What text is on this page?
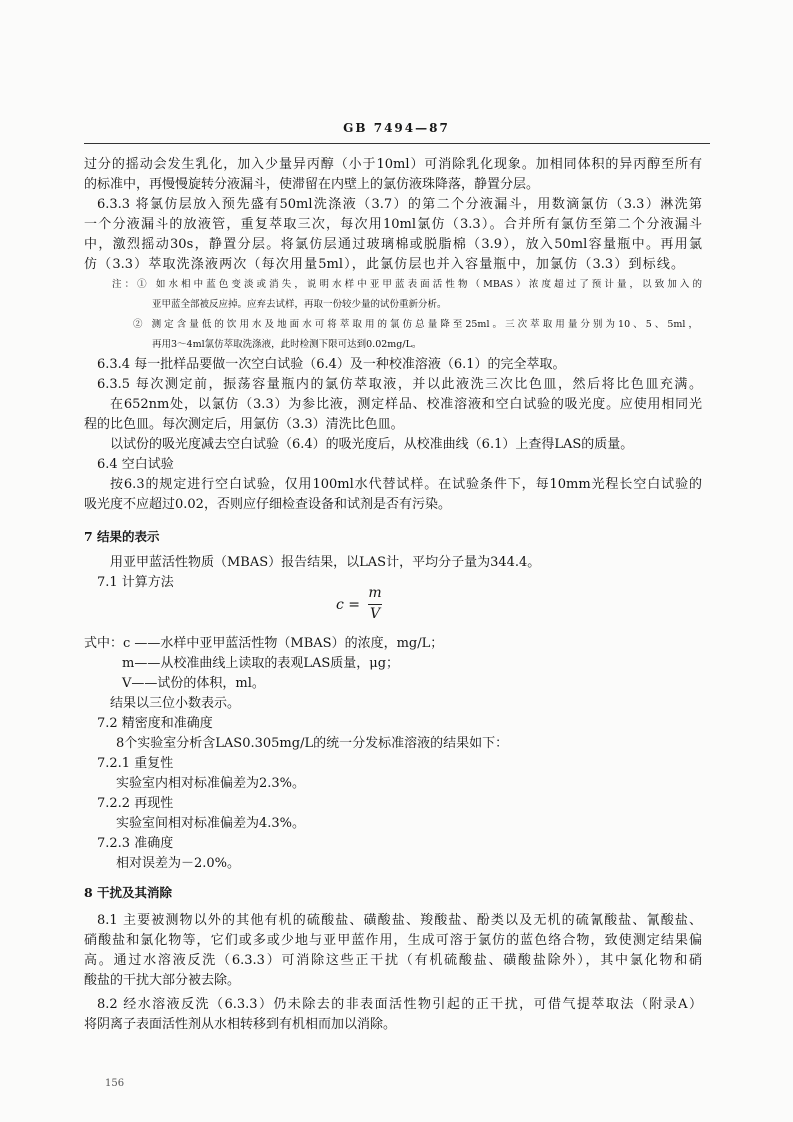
GB 7494—87
过分的摇动会发生乳化，加入少量异丙醇（小于10ml）可消除乳化现象。加相同体积的异丙醇至所有
的标准中，再慢慢旋转分液漏斗，使滞留在内壁上的氯仿液珠降落，静置分层。
6.3.3 将氯仿层放入预先盛有50ml洗涤液（3.7）的第二个分液漏斗，用数滴氯仿（3.3）淋洗第
一个分液漏斗的放液管，重复萃取三次，每次用10ml氯仿（3.3）。合并所有氯仿至第二个分液漏斗
中，激烈摇动30s，静置分层。将氯仿层通过玻璃棉或脱脂棉（3.9），放入50ml容量瓶中。再用氯
仿（3.3）萃取洗涤液两次（每次用量5ml），此氯仿层也并入容量瓶中，加氯仿（3.3）到标线。
注：① 如水相中蓝色变淡或消失，说明水样中亚甲蓝表面活性物（MBAS）浓度超过了预计量，以致加入的
亚甲蓝全部被反应掉。应弃去试样，再取一份较少量的试份重新分析。
② 测定含量低的饮用水及地面水可将萃取用的氯仿总量降至25ml。三次萃取用量分别为10、5、5ml，
再用3～4ml氯仿萃取洗涤液，此时检测下限可达到0.02mg/L。
6.3.4 每一批样品要做一次空白试验（6.4）及一种校准溶液（6.1）的完全萃取。
6.3.5 每次测定前，振荡容量瓶内的氯仿萃取液，并以此液洗三次比色皿，然后将比色皿充满。
在652nm处，以氯仿（3.3）为参比液，测定样品、校准溶液和空白试验的吸光度。应使用相同光
程的比色皿。每次测定后，用氯仿（3.3）清洗比色皿。
以试份的吸光度减去空白试验（6.4）的吸光度后，从校准曲线（6.1）上查得LAS的质量。
6.4 空白试验
按6.3的规定进行空白试验，仅用100ml水代替试样。在试验条件下，每10mm光程长空白试验的
吸光度不应超过0.02，否则应仔细检查设备和试剂是否有污染。
7 结果的表示
用亚甲蓝活性物质（MBAS）报告结果，以LAS计，平均分子量为344.4。
7.1 计算方法
式中：c ——水样中亚甲蓝活性物（MBAS）的浓度，mg/L；
m——从校准曲线上读取的表观LAS质量，μg；
V——试份的体积，ml。
结果以三位小数表示。
7.2 精密度和准确度
8个实验室分析含LAS0.305mg/L的统一分发标准溶液的结果如下：
7.2.1 重复性
实验室内相对标准偏差为2.3%。
7.2.2 再现性
实验室间相对标准偏差为4.3%。
7.2.3 准确度
相对误差为－2.0%。
8 干扰及其消除
8.1 主要被测物以外的其他有机的硫酸盐、磺酸盐、羧酸盐、酚类以及无机的硫氰酸盐、氰酸盐、
硝酸盐和氯化物等，它们或多或少地与亚甲蓝作用，生成可溶于氯仿的蓝色络合物，致使测定结果偏
高。通过水溶液反洗（6.3.3）可消除这些正干扰（有机硫酸盐、磺酸盐除外），其中氯化物和硝
酸盐的干扰大部分被去除。
8.2 经水溶液反洗（6.3.3）仍未除去的非表面活性物引起的正干扰，可借气提萃取法（附录A）
将阴离子表面活性剂从水相转移到有机相而加以消除。
c =
m
V
156
